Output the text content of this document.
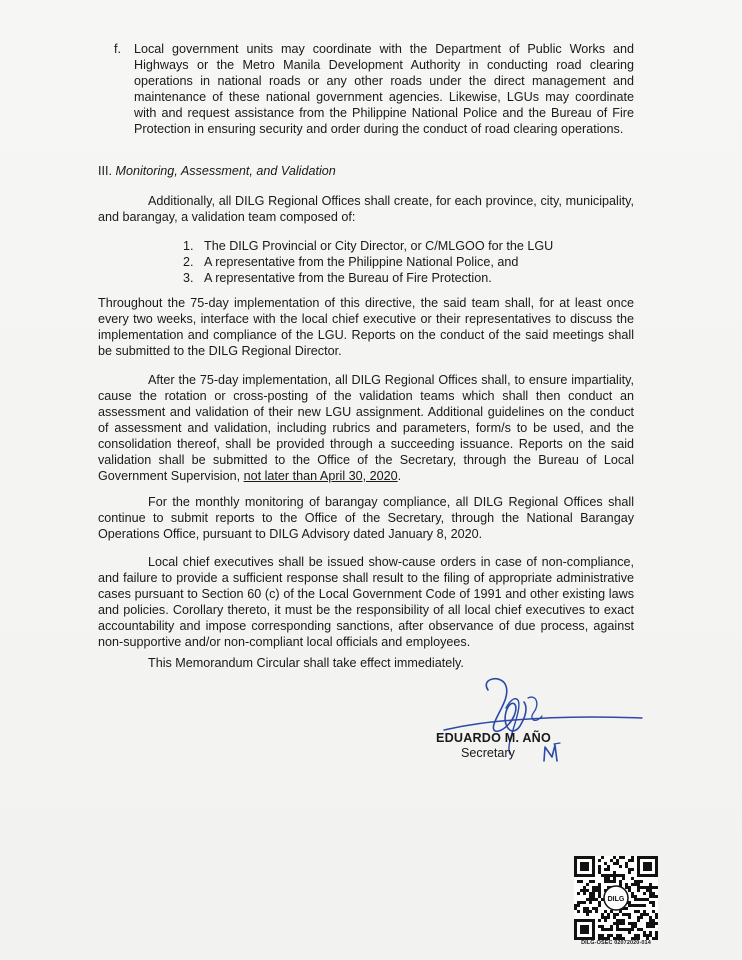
f. Local government units may coordinate with the Department of Public Works and Highways or the Metro Manila Development Authority in conducting road clearing operations in national roads or any other roads under the direct management and maintenance of these national government agencies. Likewise, LGUs may coordinate with and request assistance from the Philippine National Police and the Bureau of Fire Protection in ensuring security and order during the conduct of road clearing operations.

III. Monitoring, Assessment, and Validation

Additionally, all DILG Regional Offices shall create, for each province, city, municipality, and barangay, a validation team composed of:

1. The DILG Provincial or City Director, or C/MLGOO for the LGU
2. A representative from the Philippine National Police, and
3. A representative from the Bureau of Fire Protection.

Throughout the 75-day implementation of this directive, the said team shall, for at least once every two weeks, interface with the local chief executive or their representatives to discuss the implementation and compliance of the LGU. Reports on the conduct of the said meetings shall be submitted to the DILG Regional Director.

After the 75-day implementation, all DILG Regional Offices shall, to ensure impartiality, cause the rotation or cross-posting of the validation teams which shall then conduct an assessment and validation of their new LGU assignment. Additional guidelines on the conduct of assessment and validation, including rubrics and parameters, form/s to be used, and the consolidation thereof, shall be provided through a succeeding issuance. Reports on the said validation shall be submitted to the Office of the Secretary, through the Bureau of Local Government Supervision, not later than April 30, 2020.

For the monthly monitoring of barangay compliance, all DILG Regional Offices shall continue to submit reports to the Office of the Secretary, through the National Barangay Operations Office, pursuant to DILG Advisory dated January 8, 2020.

Local chief executives shall be issued show-cause orders in case of non-compliance, and failure to provide a sufficient response shall result to the filing of appropriate administrative cases pursuant to Section 60 (c) of the Local Government Code of 1991 and other existing laws and policies. Corollary thereto, it must be the responsibility of all local chief executives to exact accountability and impose corresponding sanctions, after observance of due process, against non-supportive and/or non-compliant local officials and employees.

This Memorandum Circular shall take effect immediately.

EDUARDO M. AÑO
Secretary
DILG
DILG-OSEC 02072020-014
